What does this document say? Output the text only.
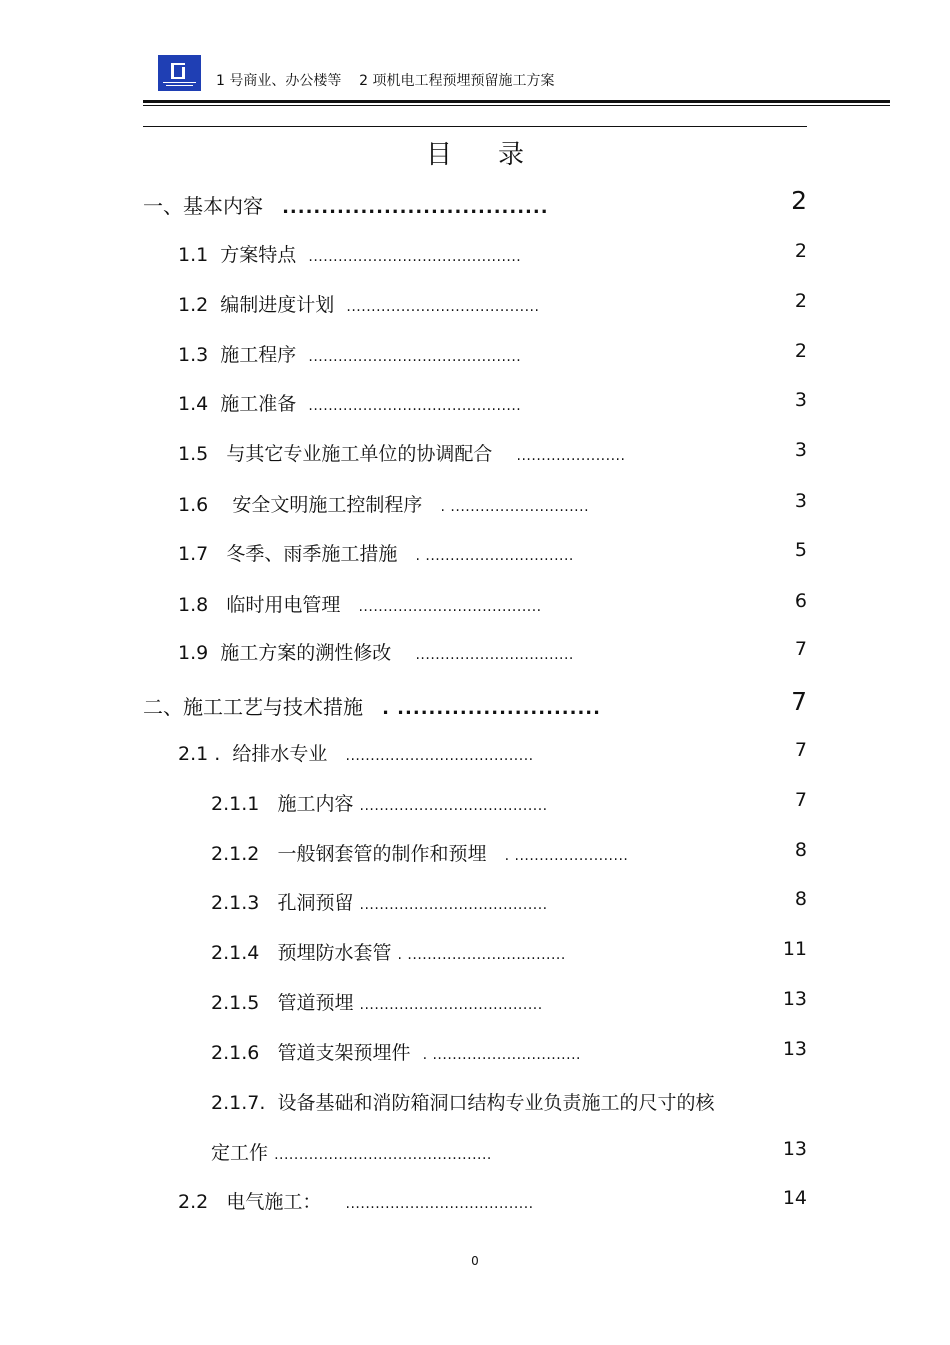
1 号商业、办公楼等    2 项机电工程预埋预留施工方案
目录
一、基本内容 ..................................	2
1.1  方案特点 ...........................................	2
1.2  编制进度计划 .......................................	2
1.3  施工程序 ...........................................	2
1.4  施工准备 ...........................................	3
1.5   与其它专业施工单位的协调配合 ......................	3
1.6    安全文明施工控制程序 . ............................	3
1.7   冬季、雨季施工措施 . ..............................	5
1.8   临时用电管理 .....................................	6
1.9  施工方案的溯性修改 ................................	7
二、施工工艺与技术措施 . ..........................	7
2.1 .  给排水专业 ......................................	7
2.1.1   施工内容 ......................................	7
2.1.2   一般钢套管的制作和预埋 . .......................	8
2.1.3   孔洞预留 ......................................	8
2.1.4   预埋防水套管 . ................................	11
2.1.5   管道预埋 .....................................	13
2.1.6   管道支架预埋件 . ..............................	13
2.1.7.  设备基础和消防箱洞口结构专业负责施工的尺寸的核
定工作 ............................................	13
2.2   电气施工： ......................................	14
0
